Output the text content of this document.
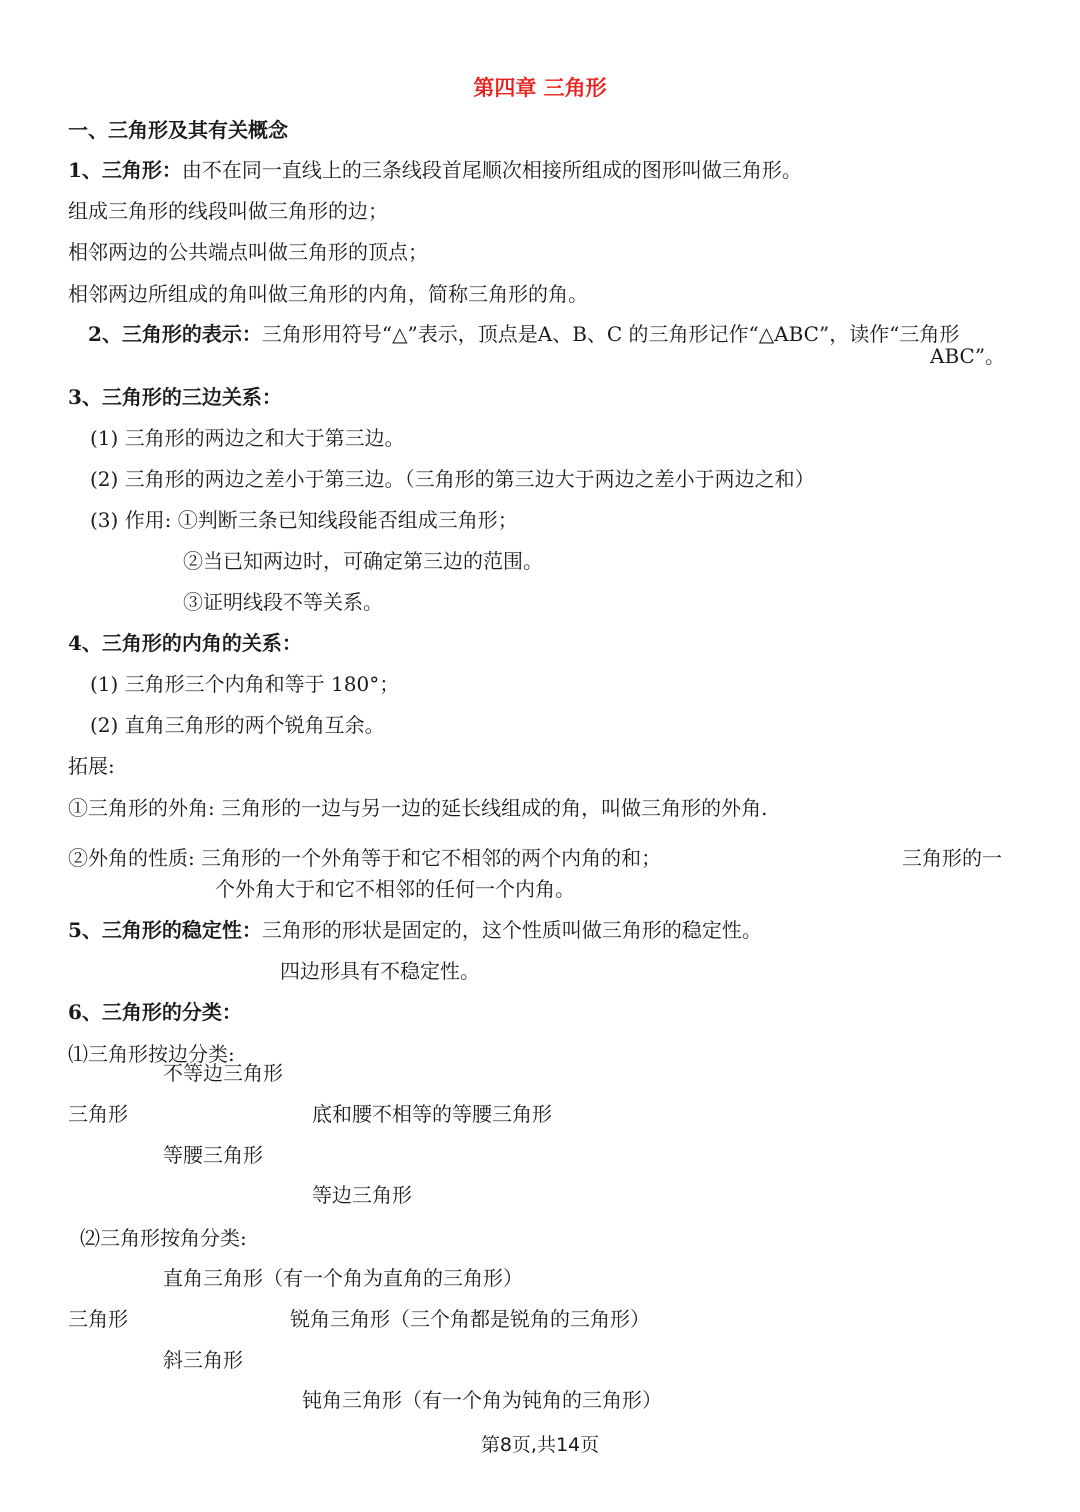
第四章 三角形
一、三角形及其有关概念
1、三角形：由不在同一直线上的三条线段首尾顺次相接所组成的图形叫做三角形。
组成三角形的线段叫做三角形的边；
相邻两边的公共端点叫做三角形的顶点；
相邻两边所组成的角叫做三角形的内角，简称三角形的角。
2、三角形的表示：三角形用符号“△”表示，顶点是A、B、C 的三角形记作“△ABC”，读作“三角形
ABC”。
3、三角形的三边关系：
(1) 三角形的两边之和大于第三边。
(2) 三角形的两边之差小于第三边。（三角形的第三边大于两边之差小于两边之和）
(3) 作用: ①判断三条已知线段能否组成三角形；
②当已知两边时，可确定第三边的范围。
③证明线段不等关系。
4、三角形的内角的关系：
(1) 三角形三个内角和等于 180°；
(2) 直角三角形的两个锐角互余。
拓展:
①三角形的外角: 三角形的一边与另一边的延长线组成的角，叫做三角形的外角.
②外角的性质: 三角形的一个外角等于和它不相邻的两个内角的和；	三角形的一
个外角大于和它不相邻的任何一个内角。
5、三角形的稳定性：三角形的形状是固定的，这个性质叫做三角形的稳定性。
四边形具有不稳定性。
6、三角形的分类：
⑴三角形按边分类:
不等边三角形
三角形	底和腰不相等的等腰三角形
等腰三角形
等边三角形
⑵三角形按角分类:
直角三角形（有一个角为直角的三角形）
三角形	锐角三角形（三个角都是锐角的三角形）
斜三角形
钝角三角形（有一个角为钝角的三角形）
第8页,共14页
